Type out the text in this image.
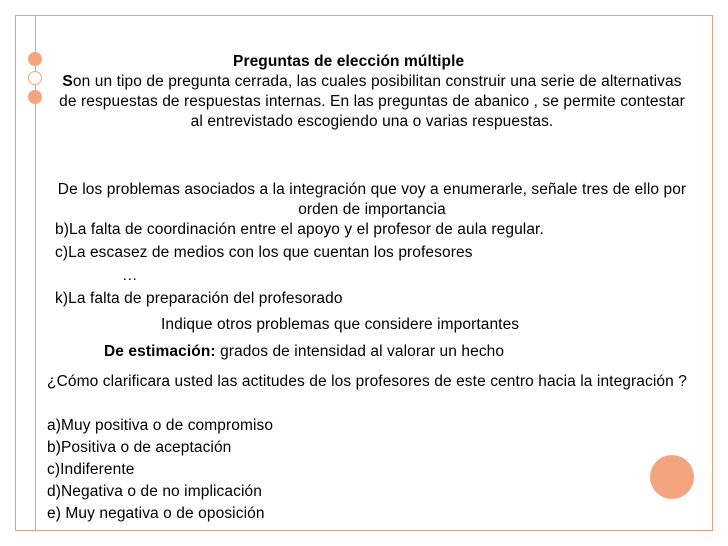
Preguntas de elección múltiple
Son un tipo de pregunta cerrada, las cuales posibilitan construir una serie de alternativas de respuestas de respuestas internas. En las preguntas de abanico , se permite contestar al entrevistado escogiendo una o varias respuestas.
De los problemas asociados a la integración que voy a enumerarle, señale tres de ello por orden de importancia
b)La falta de coordinación entre el apoyo y el profesor de aula regular.
c)La escasez de medios con los que cuentan los profesores
…
k)La falta de preparación del profesorado
Indique otros problemas que considere importantes
De estimación: grados de intensidad al valorar un hecho
¿Cómo clarificara usted las actitudes de los profesores de este centro hacia la integración ?
a)Muy positiva o de compromiso
b)Positiva o de aceptación
c)Indiferente
d)Negativa o de no implicación
e) Muy negativa o de oposición
